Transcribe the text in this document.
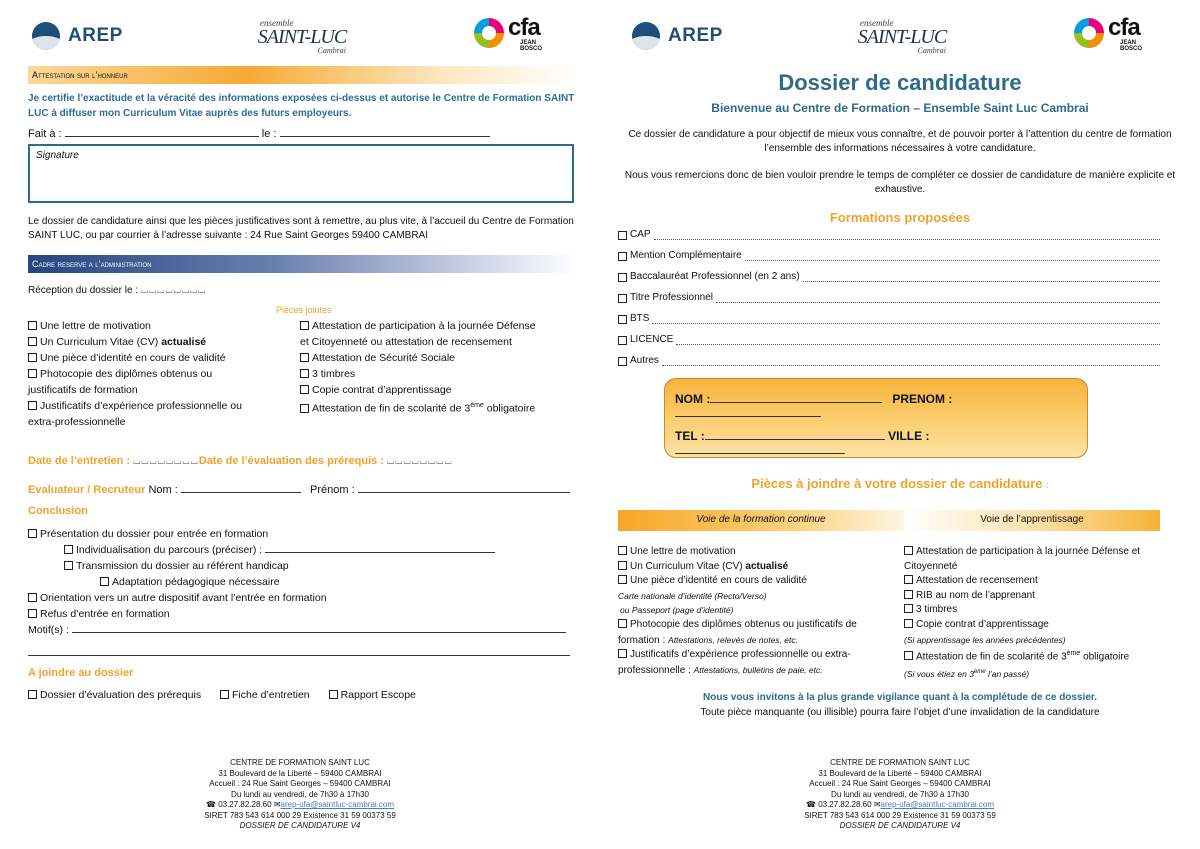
AREP
ensemble
SAINT-LUC
Cambrai
cfa
JEAN BOSCO
Attestation sur l’honneur
Je certifie l’exactitude et la véracité des informations exposées ci-dessus et autorise le Centre de Formation SAINT LUC à diffuser mon Curriculum Vitae auprès des futurs employeurs.
Fait à :	le :
Signature
Le dossier de candidature ainsi que les pièces justificatives sont à remettre, au plus vite, à l’accueil du Centre de Formation SAINT LUC, ou par courrier à l’adresse suivante : 24 Rue Saint Georges 59400 CAMBRAI
Cadre reserve a l’administration
Réception du dossier le : ⌴⌴⌴⌴⌴⌴⌴⌴
Pièces jointes
Une lettre de motivation
Un Curriculum Vitae (CV) actualisé
Une pièce d’identité en cours de validité
Photocopie des diplômes obtenus ou
justificatifs de formation
Justificatifs d’expérience professionnelle ou
extra-professionnelle
Attestation de participation à la journée Défense
et Citoyenneté ou attestation de recensement
Attestation de Sécurité Sociale
3 timbres
Copie contrat d’apprentissage
Attestation de fin de scolarité de 3ème obligatoire
Date de l’entretien : ⌴⌴⌴⌴⌴⌴⌴⌴Date de l’évaluation des prérequis : ⌴⌴⌴⌴⌴⌴⌴⌴
Evaluateur / Recruteur Nom :	Prénom :
Conclusion
Présentation du dossier pour entrée en formation
Individualisation du parcours (préciser) :
Transmission du dossier au référent handicap
Adaptation pédagogique nécessaire
Orientation vers un autre dispositif avant l’entrée en formation
Refus d’entrée en formation
Motif(s) :
A joindre au dossier
Dossier d’évaluation des prérequis	Fiche d’entretien	Rapport Escope
CENTRE DE FORMATION SAINT LUC
31 Boulevard de la Liberté – 59400 CAMBRAI
Accueil : 24 Rue Saint Georges – 59400 CAMBRAI
Du lundi au vendredi, de 7h30 à 17h30
☎ 03.27.82.28.60 ✉arep-ufa@saintluc-cambrai.com
SIRET 783 543 614 000 29 Existence 31 59 00373 59
DOSSIER DE CANDIDATURE V4
AREP
ensemble
SAINT-LUC
Cambrai
cfa
JEAN BOSCO
Dossier de candidature
Bienvenue au Centre de Formation – Ensemble Saint Luc Cambrai
Ce dossier de candidature a pour objectif de mieux vous connaître, et de pouvoir porter à l’attention du centre de formation l’ensemble des informations nécessaires à votre candidature.
Nous vous remercions donc de bien vouloir prendre le temps de compléter ce dossier de candidature de manière explicite et exhaustive.
Formations proposées
CAP
Mention Complémentaire
Baccalauréat Professionnel (en 2 ans)
Titre Professionnel
BTS
LICENCE
Autres
NOM :	PRENOM :
TEL :	VILLE :
Pièces à joindre à votre dossier de candidature :
Voie de la formation continue	Voie de l’apprentissage
Une lettre de motivation
Un Curriculum Vitae (CV) actualisé
Une pièce d’identité en cours de validité
Carte nationale d’identité (Recto/Verso)
ou Passeport (page d’identité)
Photocopie des diplômes obtenus ou justificatifs de
formation : Attestations, relevés de notes, etc.
Justificatifs d’expérience professionnelle ou extra-
professionnelle : Attestations, bulletins de paie, etc.
Attestation de participation à la journée Défense et
Citoyenneté
Attestation de recensement
RIB au nom de l’apprenant
3 timbres
Copie contrat d’apprentissage
(Si apprentissage les années précédentes)
Attestation de fin de scolarité de 3ème obligatoire
(Si vous étiez en 3ème l’an passé)
Nous vous invitons à la plus grande vigilance quant à la complétude de ce dossier.
Toute pièce manquante (ou illisible) pourra faire l’objet d’une invalidation de la candidature
CENTRE DE FORMATION SAINT LUC
31 Boulevard de la Liberté – 59400 CAMBRAI
Accueil : 24 Rue Saint Georges – 59400 CAMBRAI
Du lundi au vendredi, de 7h30 à 17h30
☎ 03.27.82.28.60 ✉arep-ufa@saintluc-cambrai.com
SIRET 783 543 614 000 29 Existence 31 59 00373 59
DOSSIER DE CANDIDATURE V4
